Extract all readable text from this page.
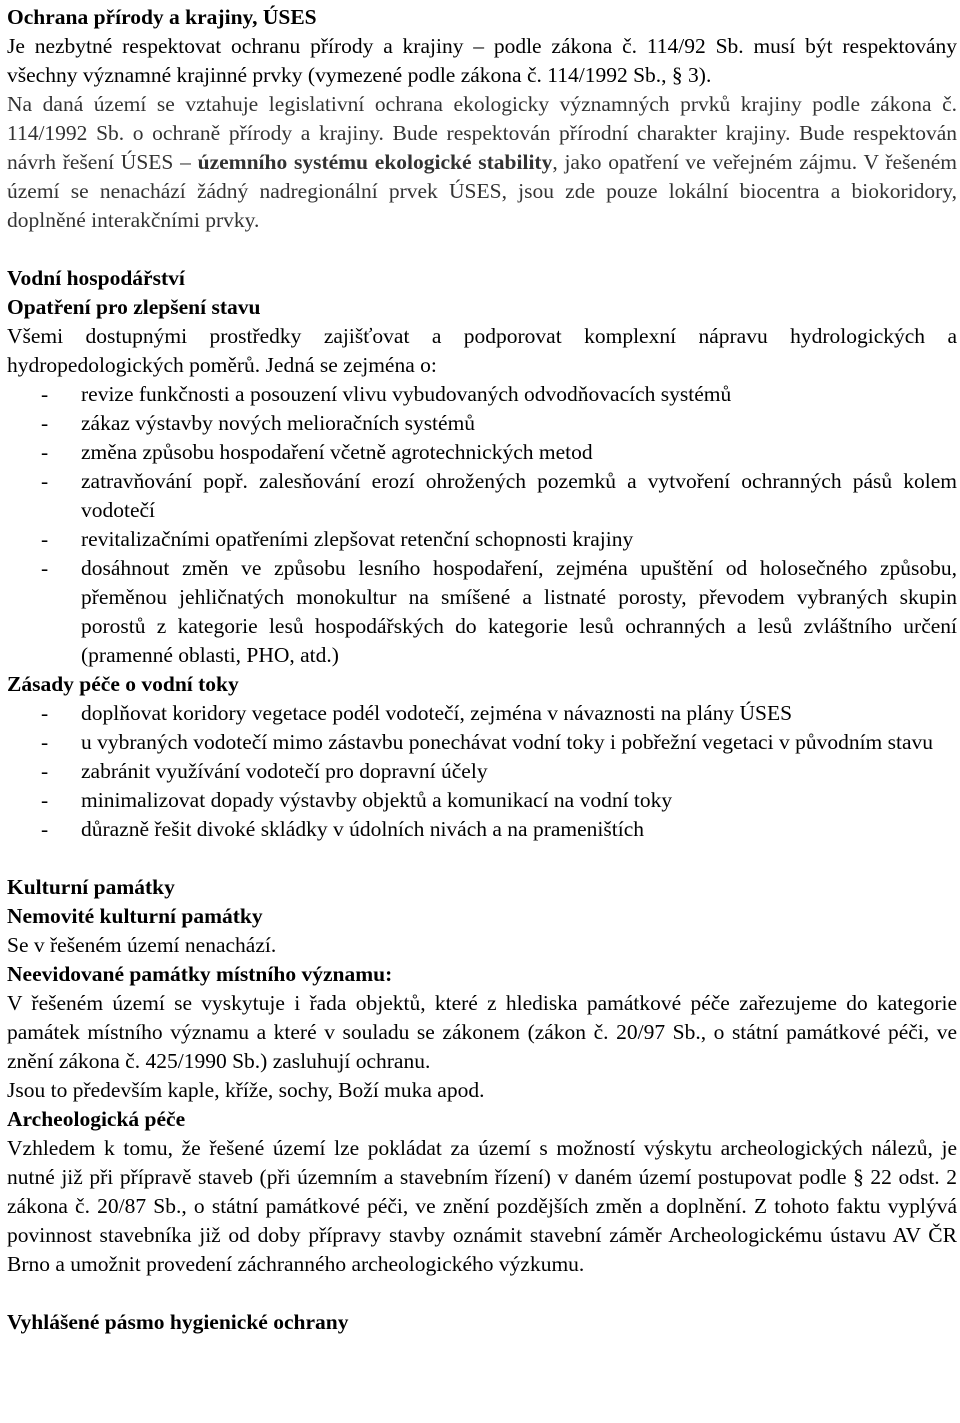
Ochrana přírody a krajiny, ÚSES

Je nezbytné respektovat ochranu přírody a krajiny – podle zákona č. 114/92 Sb. musí být respektovány všechny významné krajinné prvky (vymezené podle zákona č. 114/1992 Sb., § 3).

Na daná území se vztahuje legislativní ochrana ekologicky významných prvků krajiny podle zákona č. 114/1992 Sb. o ochraně přírody a krajiny. Bude respektován přírodní charakter krajiny. Bude respektován návrh řešení ÚSES – územního systému ekologické stability, jako opatření ve veřejném zájmu. V řešeném území se nenachází žádný nadregionální prvek ÚSES, jsou zde pouze lokální biocentra a biokoridory, doplněné interakčními prvky.

Vodní hospodářství
Opatření pro zlepšení stavu

Všemi dostupnými prostředky zajišťovat a podporovat komplexní nápravu hydrologických a hydropedologických poměrů. Jedná se zejména o:

- revize funkčnosti a posouzení vlivu vybudovaných odvodňovacích systémů
- zákaz výstavby nových melioračních systémů
- změna způsobu hospodaření včetně agrotechnických metod
- zatravňování popř. zalesňování erozí ohrožených pozemků a vytvoření ochranných pásů kolem vodotečí
- revitalizačními opatřeními zlepšovat retenční schopnosti krajiny
- dosáhnout změn ve způsobu lesního hospodaření, zejména upuštění od holosečného způsobu, přeměnou jehličnatých monokultur na smíšené a listnaté porosty, převodem vybraných skupin porostů z kategorie lesů hospodářských do kategorie lesů ochranných a lesů zvláštního určení (pramenné oblasti, PHO, atd.)
Zásady péče o vodní toky
- doplňovat koridory vegetace podél vodotečí, zejména v návaznosti na plány ÚSES
- u vybraných vodotečí mimo zástavbu ponechávat vodní toky i pobřežní vegetaci v původním stavu
- zabránit využívání vodotečí pro dopravní účely
- minimalizovat dopady výstavby objektů a komunikací na vodní toky
- důrazně řešit divoké skládky v údolních nivách a na prameništích
Kulturní památky
Nemovité kulturní památky

Se v řešeném území nenachází.

Neevidované památky místního významu:

V řešeném území se vyskytuje i řada objektů, které z hlediska památkové péče zařezujeme do kategorie památek místního významu a které v souladu se zákonem (zákon č. 20/97 Sb., o státní památkové péči, ve znění zákona č. 425/1990 Sb.) zasluhují ochranu.

Jsou to především kaple, kříže, sochy, Boží muka apod.

Archeologická péče

Vzhledem k tomu, že řešené území lze pokládat za území s možností výskytu archeologických nálezů, je nutné již při přípravě staveb (při územním a stavebním řízení) v daném území postupovat podle § 22 odst. 2 zákona č. 20/87 Sb., o státní památkové péči, ve znění pozdějších změn a doplnění. Z tohoto faktu vyplývá povinnost stavebníka již od doby přípravy stavby oznámit stavební záměr Archeologickému ústavu AV ČR Brno a umožnit provedení záchranného archeologického výzkumu.

Vyhlášené pásmo hygienické ochrany
